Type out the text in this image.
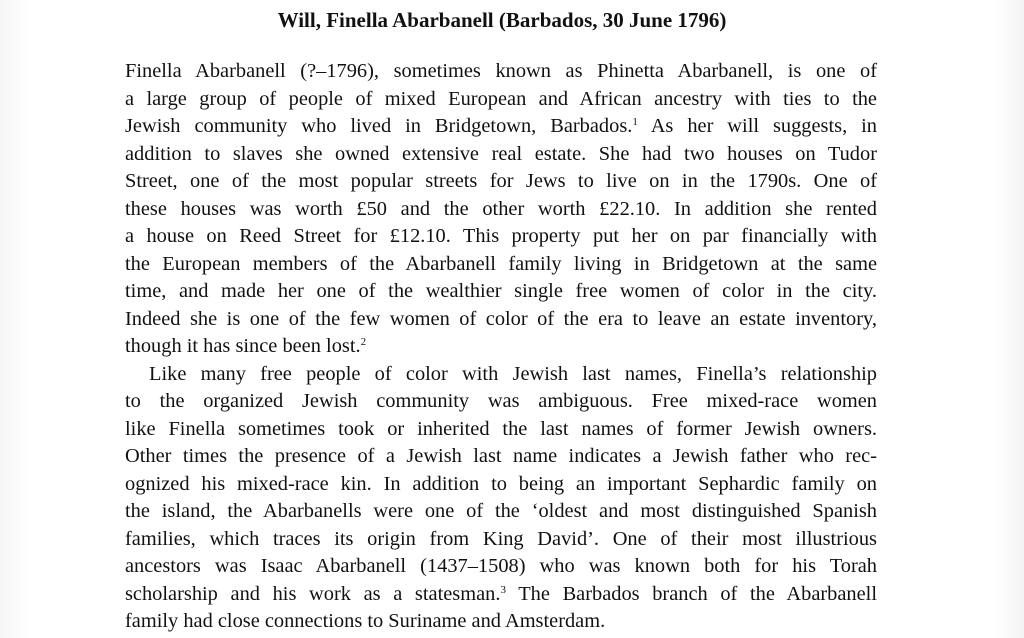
Will, Finella Abarbanell (Barbados, 30 June 1796)
Finella Abarbanell (?–1796), sometimes known as Phinetta Abarbanell, is one of
a large group of people of mixed European and African ancestry with ties to the
Jewish community who lived in Bridgetown, Barbados.$^1$ As her will suggests, in
addition to slaves she owned extensive real estate. She had two houses on Tudor
Street, one of the most popular streets for Jews to live on in the 1790s. One of
these houses was worth £50 and the other worth £22.10. In addition she rented
a house on Reed Street for £12.10. This property put her on par financially with
the European members of the Abarbanell family living in Bridgetown at the same
time, and made her one of the wealthier single free women of color in the city.
Indeed she is one of the few women of color of the era to leave an estate inventory,
though it has since been lost.$^2$
Like many free people of color with Jewish last names, Finella’s relationship
to the organized Jewish community was ambiguous. Free mixed-race women
like Finella sometimes took or inherited the last names of former Jewish owners.
Other times the presence of a Jewish last name indicates a Jewish father who rec-
ognized his mixed-race kin. In addition to being an important Sephardic family on
the island, the Abarbanells were one of the ‘oldest and most distinguished Spanish
families, which traces its origin from King David’. One of their most illustrious
ancestors was Isaac Abarbanell (1437–1508) who was known both for his Torah
scholarship and his work as a statesman.$^3$ The Barbados branch of the Abarbanell
family had close connections to Suriname and Amsterdam.
